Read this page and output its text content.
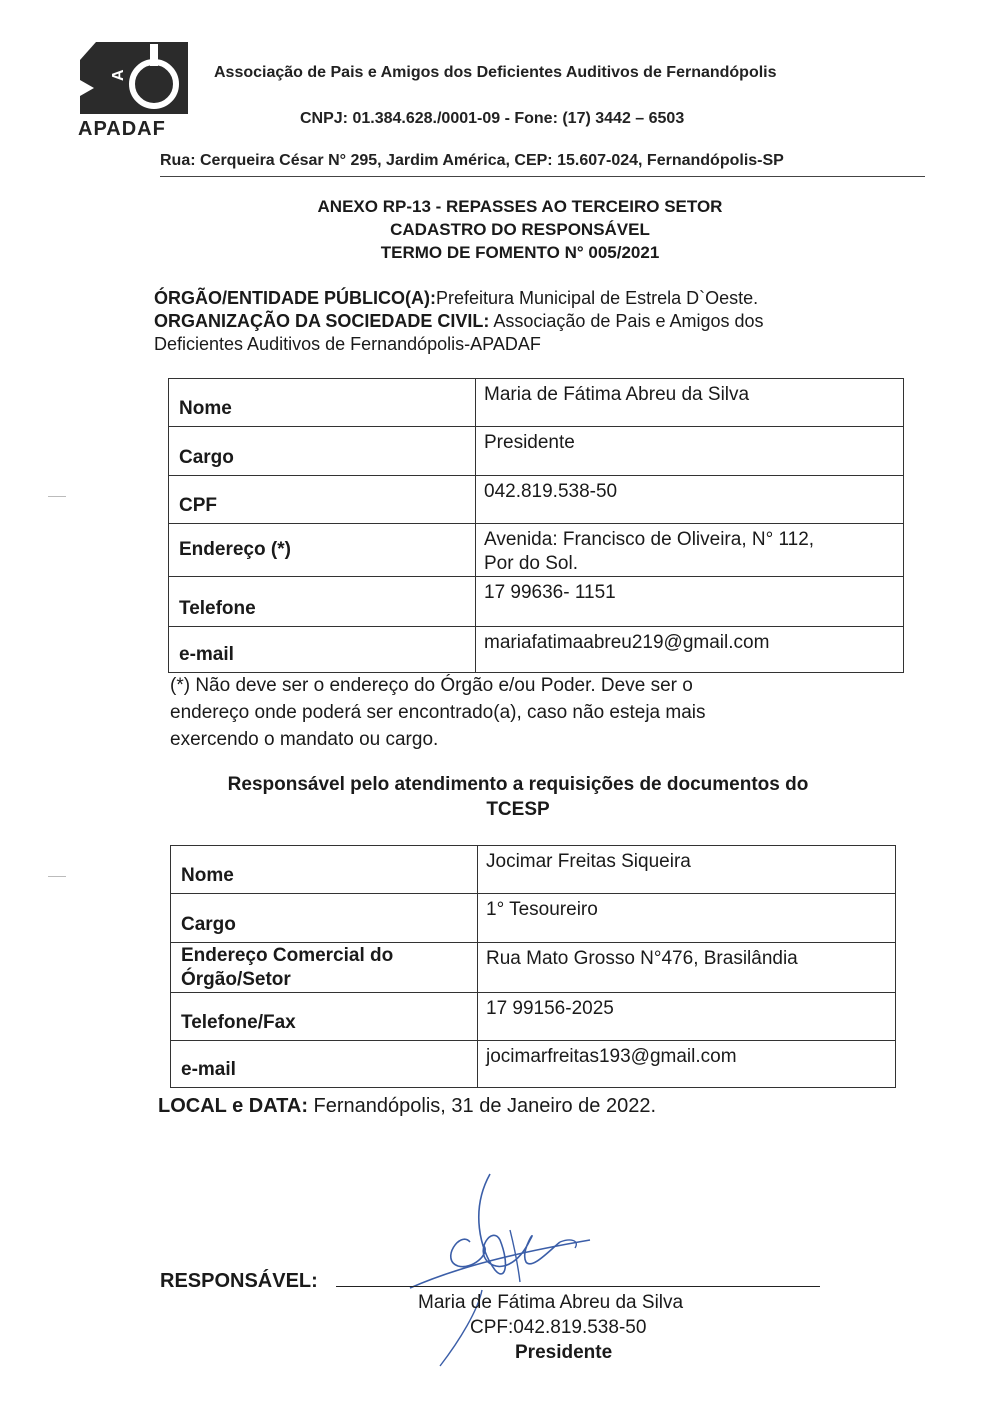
A
APADAF
Associação de Pais e Amigos dos Deficientes Auditivos de Fernandópolis
CNPJ: 01.384.628./0001-09 - Fone: (17) 3442 – 6503
Rua: Cerqueira César N° 295, Jardim América, CEP: 15.607-024, Fernandópolis-SP
ANEXO RP-13 - REPASSES AO TERCEIRO SETOR
CADASTRO DO RESPONSÁVEL
TERMO DE FOMENTO N° 005/2021
ÓRGÃO/ENTIDADE PÚBLICO(A):Prefeitura Municipal de Estrela D`Oeste.
ORGANIZAÇÃO DA SOCIEDADE CIVIL: Associação de Pais e Amigos dos
Deficientes Auditivos de Fernandópolis-APADAF
Nome	Maria de Fátima Abreu da Silva

Cargo	Presidente

CPF	042.819.538-50

Endereço (*)	Avenida: Francisco de Oliveira, N° 112,
Por do Sol.

Telefone	17 99636- 1151

e-mail	mariafatimaabreu219@gmail.com
(*) Não deve ser o endereço do Órgão e/ou Poder. Deve ser o
endereço onde poderá ser encontrado(a), caso não esteja mais
exercendo o mandato ou cargo.
Responsável pelo atendimento a requisições de documentos do
TCESP
Nome	Jocimar Freitas Siqueira

Cargo	1° Tesoureiro

Endereço Comercial do
Órgão/Setor	Rua Mato Grosso N°476, Brasilândia

Telefone/Fax	17 99156-2025

e-mail	jocimarfreitas193@gmail.com
LOCAL e DATA: Fernandópolis, 31 de Janeiro de 2022.
RESPONSÁVEL:
Maria de Fátima Abreu da Silva
CPF:042.819.538-50
Presidente
